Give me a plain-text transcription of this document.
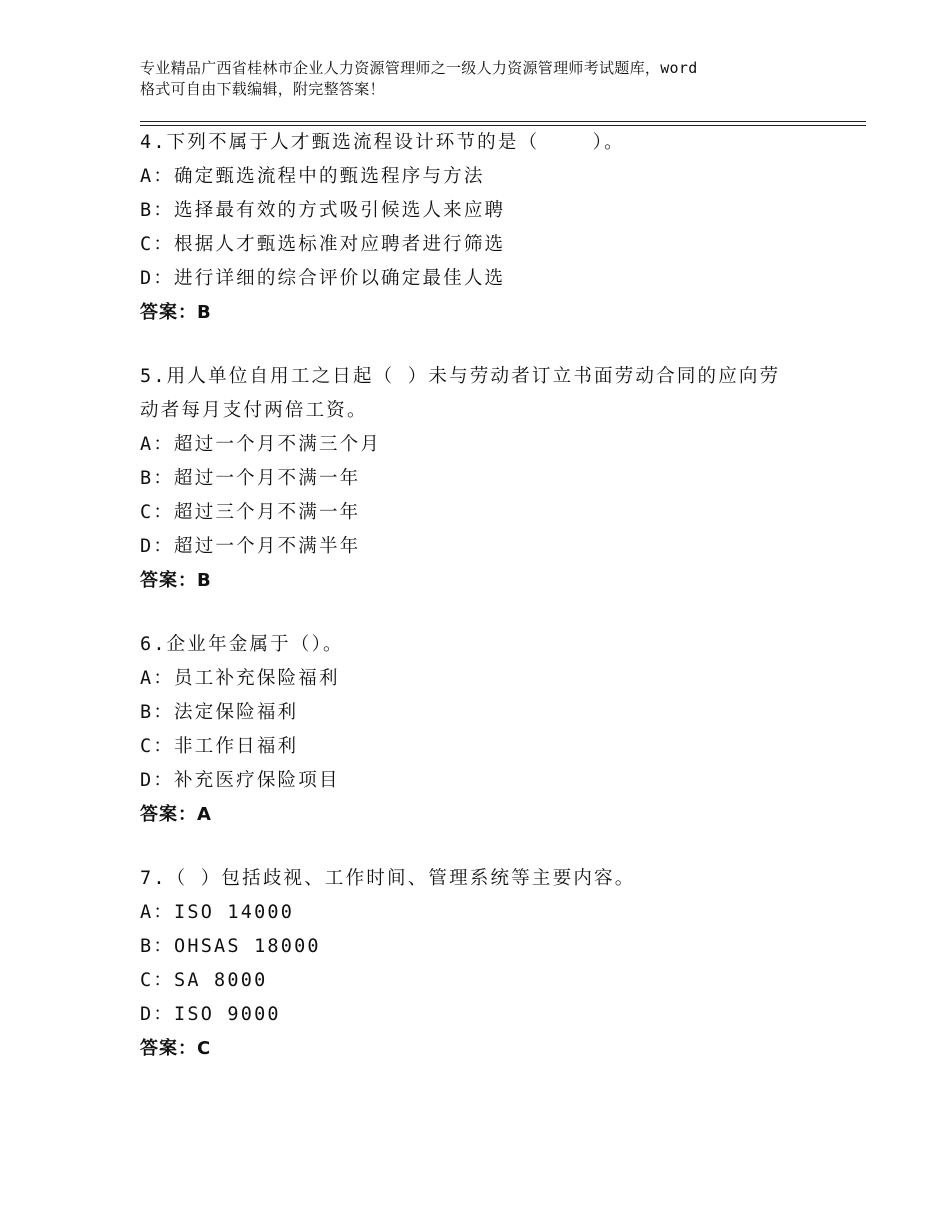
专业精品广西省桂林市企业人力资源管理师之一级人力资源管理师考试题库，word
格式可自由下载编辑，附完整答案！
4.下列不属于人才甄选流程设计环节的是（    ）。
A：确定甄选流程中的甄选程序与方法
B：选择最有效的方式吸引候选人来应聘
C：根据人才甄选标准对应聘者进行筛选
D：进行详细的综合评价以确定最佳人选
答案：B
5.用人单位自用工之日起（ ）未与劳动者订立书面劳动合同的应向劳
动者每月支付两倍工资。
A：超过一个月不满三个月
B：超过一个月不满一年
C：超过三个月不满一年
D：超过一个月不满半年
答案：B
6.企业年金属于（）。
A：员工补充保险福利
B：法定保险福利
C：非工作日福利
D：补充医疗保险项目
答案：A
7.（ ）包括歧视、工作时间、管理系统等主要内容。
A：ISO 14000
B：OHSAS 18000
C：SA 8000
D：ISO 9000
答案：C
